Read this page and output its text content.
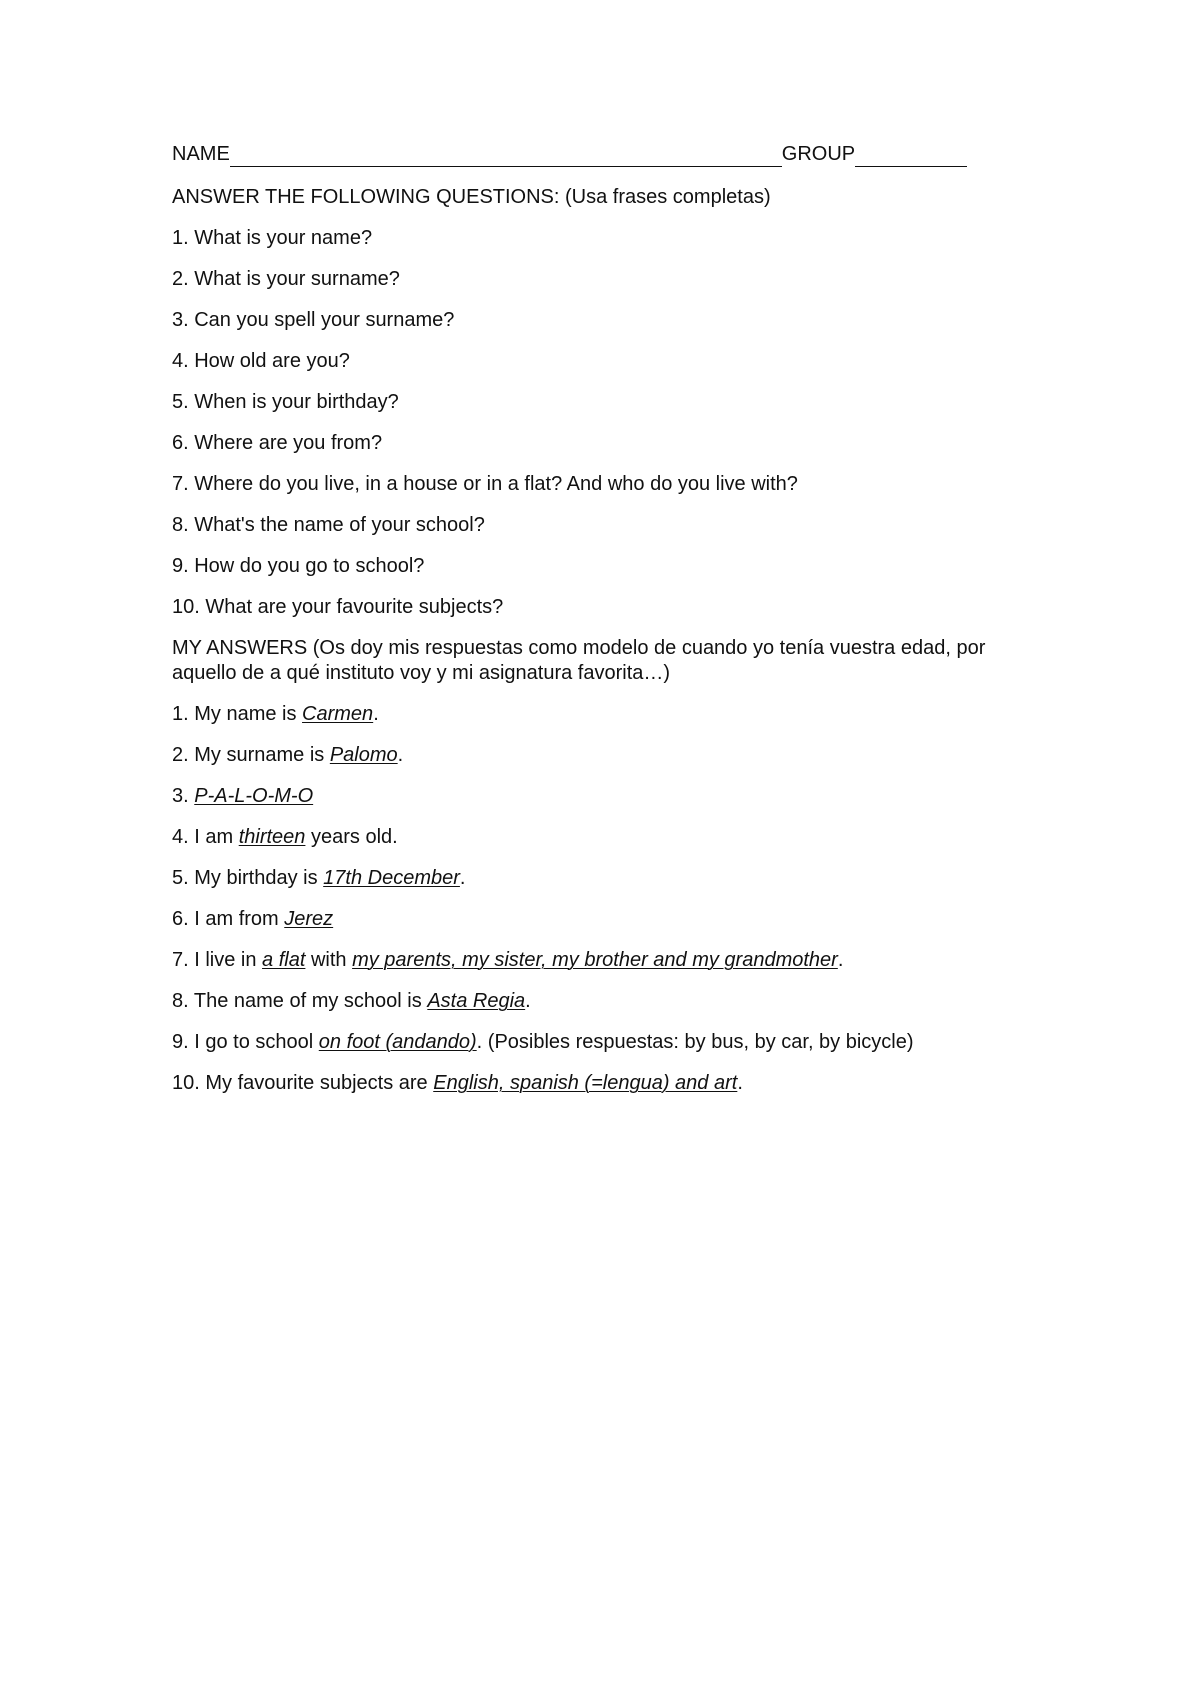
NAME	GROUP

ANSWER THE FOLLOWING QUESTIONS: (Usa frases completas)

1. What is your name?

2. What is your surname?

3. Can you spell your surname?

4. How old are you?

5. When is your birthday?

6. Where are you from?

7. Where do you live, in a house or in a flat? And who do you live with?

8. What's the name of your school?

9. How do you go to school?

10. What are your favourite subjects?

MY ANSWERS (Os doy mis respuestas como modelo de cuando yo tenía vuestra edad, por aquello de a qué instituto voy y mi asignatura favorita…)

1. My name is Carmen.

2. My surname is Palomo.

3. P-A-L-O-M-O

4. I am thirteen years old.

5. My birthday is 17th December.

6. I am from Jerez

7. I live in a flat with my parents, my sister, my brother and my grandmother.

8. The name of my school is Asta Regia.

9. I go to school on foot (andando). (Posibles respuestas: by bus, by car, by bicycle)

10. My favourite subjects are English, spanish (=lengua) and art.
